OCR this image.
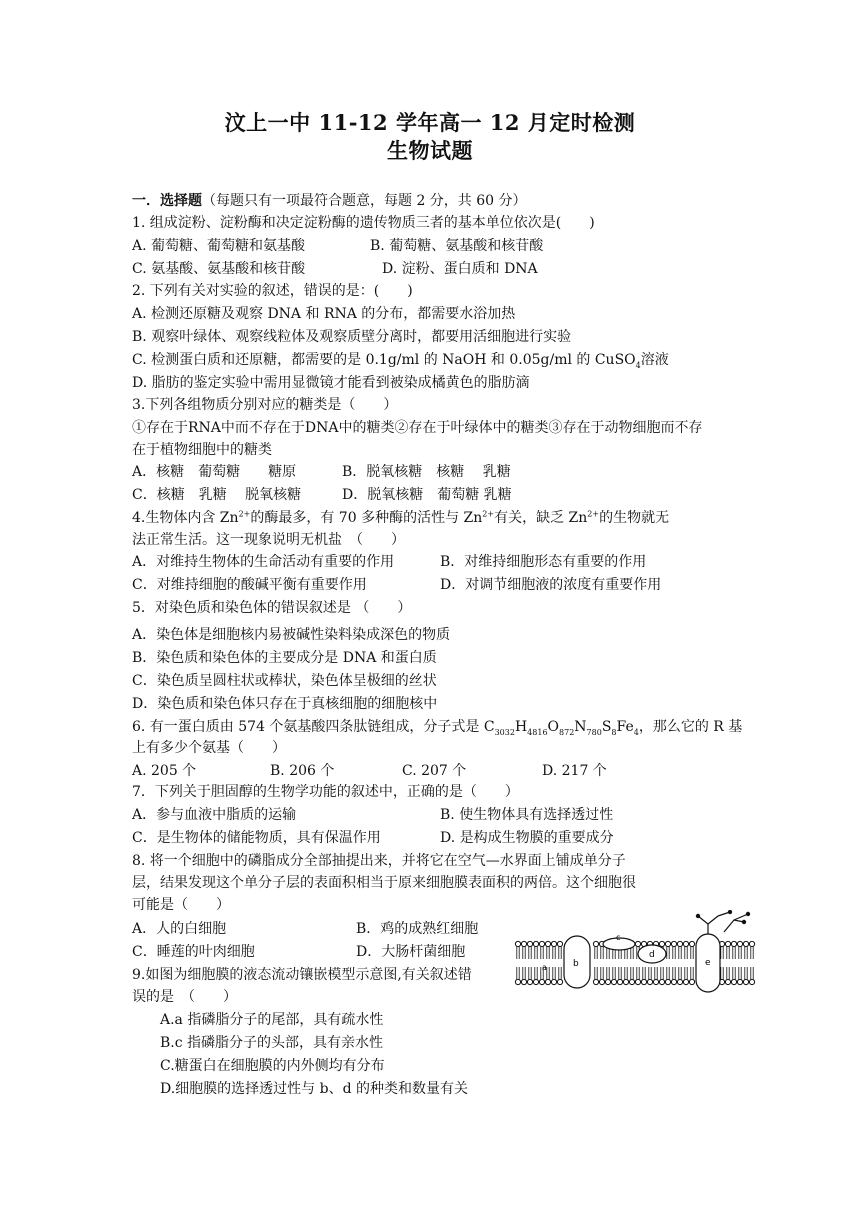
汶上一中 11-12 学年高一 12 月定时检测
生物试题
一．选择题（每题只有一项最符合题意，每题 2 分，共 60 分）
1. 组成淀粉、淀粉酶和决定淀粉酶的遗传物质三者的基本单位依次是(　　)
A. 葡萄糖、葡萄糖和氨基酸	B. 葡萄糖、氨基酸和核苷酸
C. 氨基酸、氨基酸和核苷酸	D. 淀粉、蛋白质和 DNA
2. 下列有关对实验的叙述，错误的是：(　　)
A. 检测还原糖及观察 DNA 和 RNA 的分布，都需要水浴加热
B. 观察叶绿体、观察线粒体及观察质壁分离时，都要用活细胞进行实验
C. 检测蛋白质和还原糖，都需要的是 0.1g/ml 的 NaOH 和 0.05g/ml 的 CuSO$_4$溶液
D. 脂肪的鉴定实验中需用显微镜才能看到被染成橘黄色的脂肪滴
3.下列各组物质分别对应的糖类是（　　）
①存在于RNA中而不存在于DNA中的糖类②存在于叶绿体中的糖类③存在于动物细胞而不存
在于植物细胞中的糖类
A．核糖　葡萄糖　　糖原	B．脱氧核糖　核糖　 乳糖
C．核糖　乳糖　 脱氧核糖	D．脱氧核糖　葡萄糖 乳糖
4.生物体内含 $Zn^{2+}$的酶最多，有 70 多种酶的活性与 $Zn^{2+}$有关，缺乏 $Zn^{2+}$的生物就无
法正常生活。这一现象说明无机盐　（　　）
A．对维持生物体的生命活动有重要的作用	B．对维持细胞形态有重要的作用
C．对维持细胞的酸碱平衡有重要作用	D．对调节细胞液的浓度有重要作用
5．对染色质和染色体的错误叙述是 （　　）
A．染色体是细胞核内易被碱性染料染成深色的物质
B．染色质和染色体的主要成分是 DNA 和蛋白质
C．染色质呈圆柱状或棒状，染色体呈极细的丝状
D．染色质和染色体只存在于真核细胞的细胞核中
6. 有一蛋白质由 574 个氨基酸四条肽链组成，分子式是 $C_{3032}H_{4816}O_{872}N_{780}S_8Fe_4$，那么它的 R 基
上有多少个氨基（　　）
A. 205 个	B. 206 个	C. 207 个	D. 217 个
7．下列关于胆固醇的生物学功能的叙述中，正确的是（　　）
A．参与血液中脂质的运输	B. 使生物体具有选择透过性
C．是生物体的储能物质，具有保温作用	D. 是构成生物膜的重要成分
8. 将一个细胞中的磷脂成分全部抽提出来，并将它在空气—水界面上铺成单分子
层，结果发现这个单分子层的表面积相当于原来细胞膜表面积的两倍。这个细胞很
可能是（　　）
A．人的白细胞	B．鸡的成熟红细胞
C．睡莲的叶肉细胞	D．大肠杆菌细胞
9.如图为细胞膜的液态流动镶嵌模型示意图,有关叙述错
误的是　（　　）
A.a 指磷脂分子的尾部，具有疏水性
B.c 指磷脂分子的头部，具有亲水性
C.糖蛋白在细胞膜的内外侧均有分布
D.细胞膜的选择透过性与 b、d 的种类和数量有关
a	b
c
d
e
